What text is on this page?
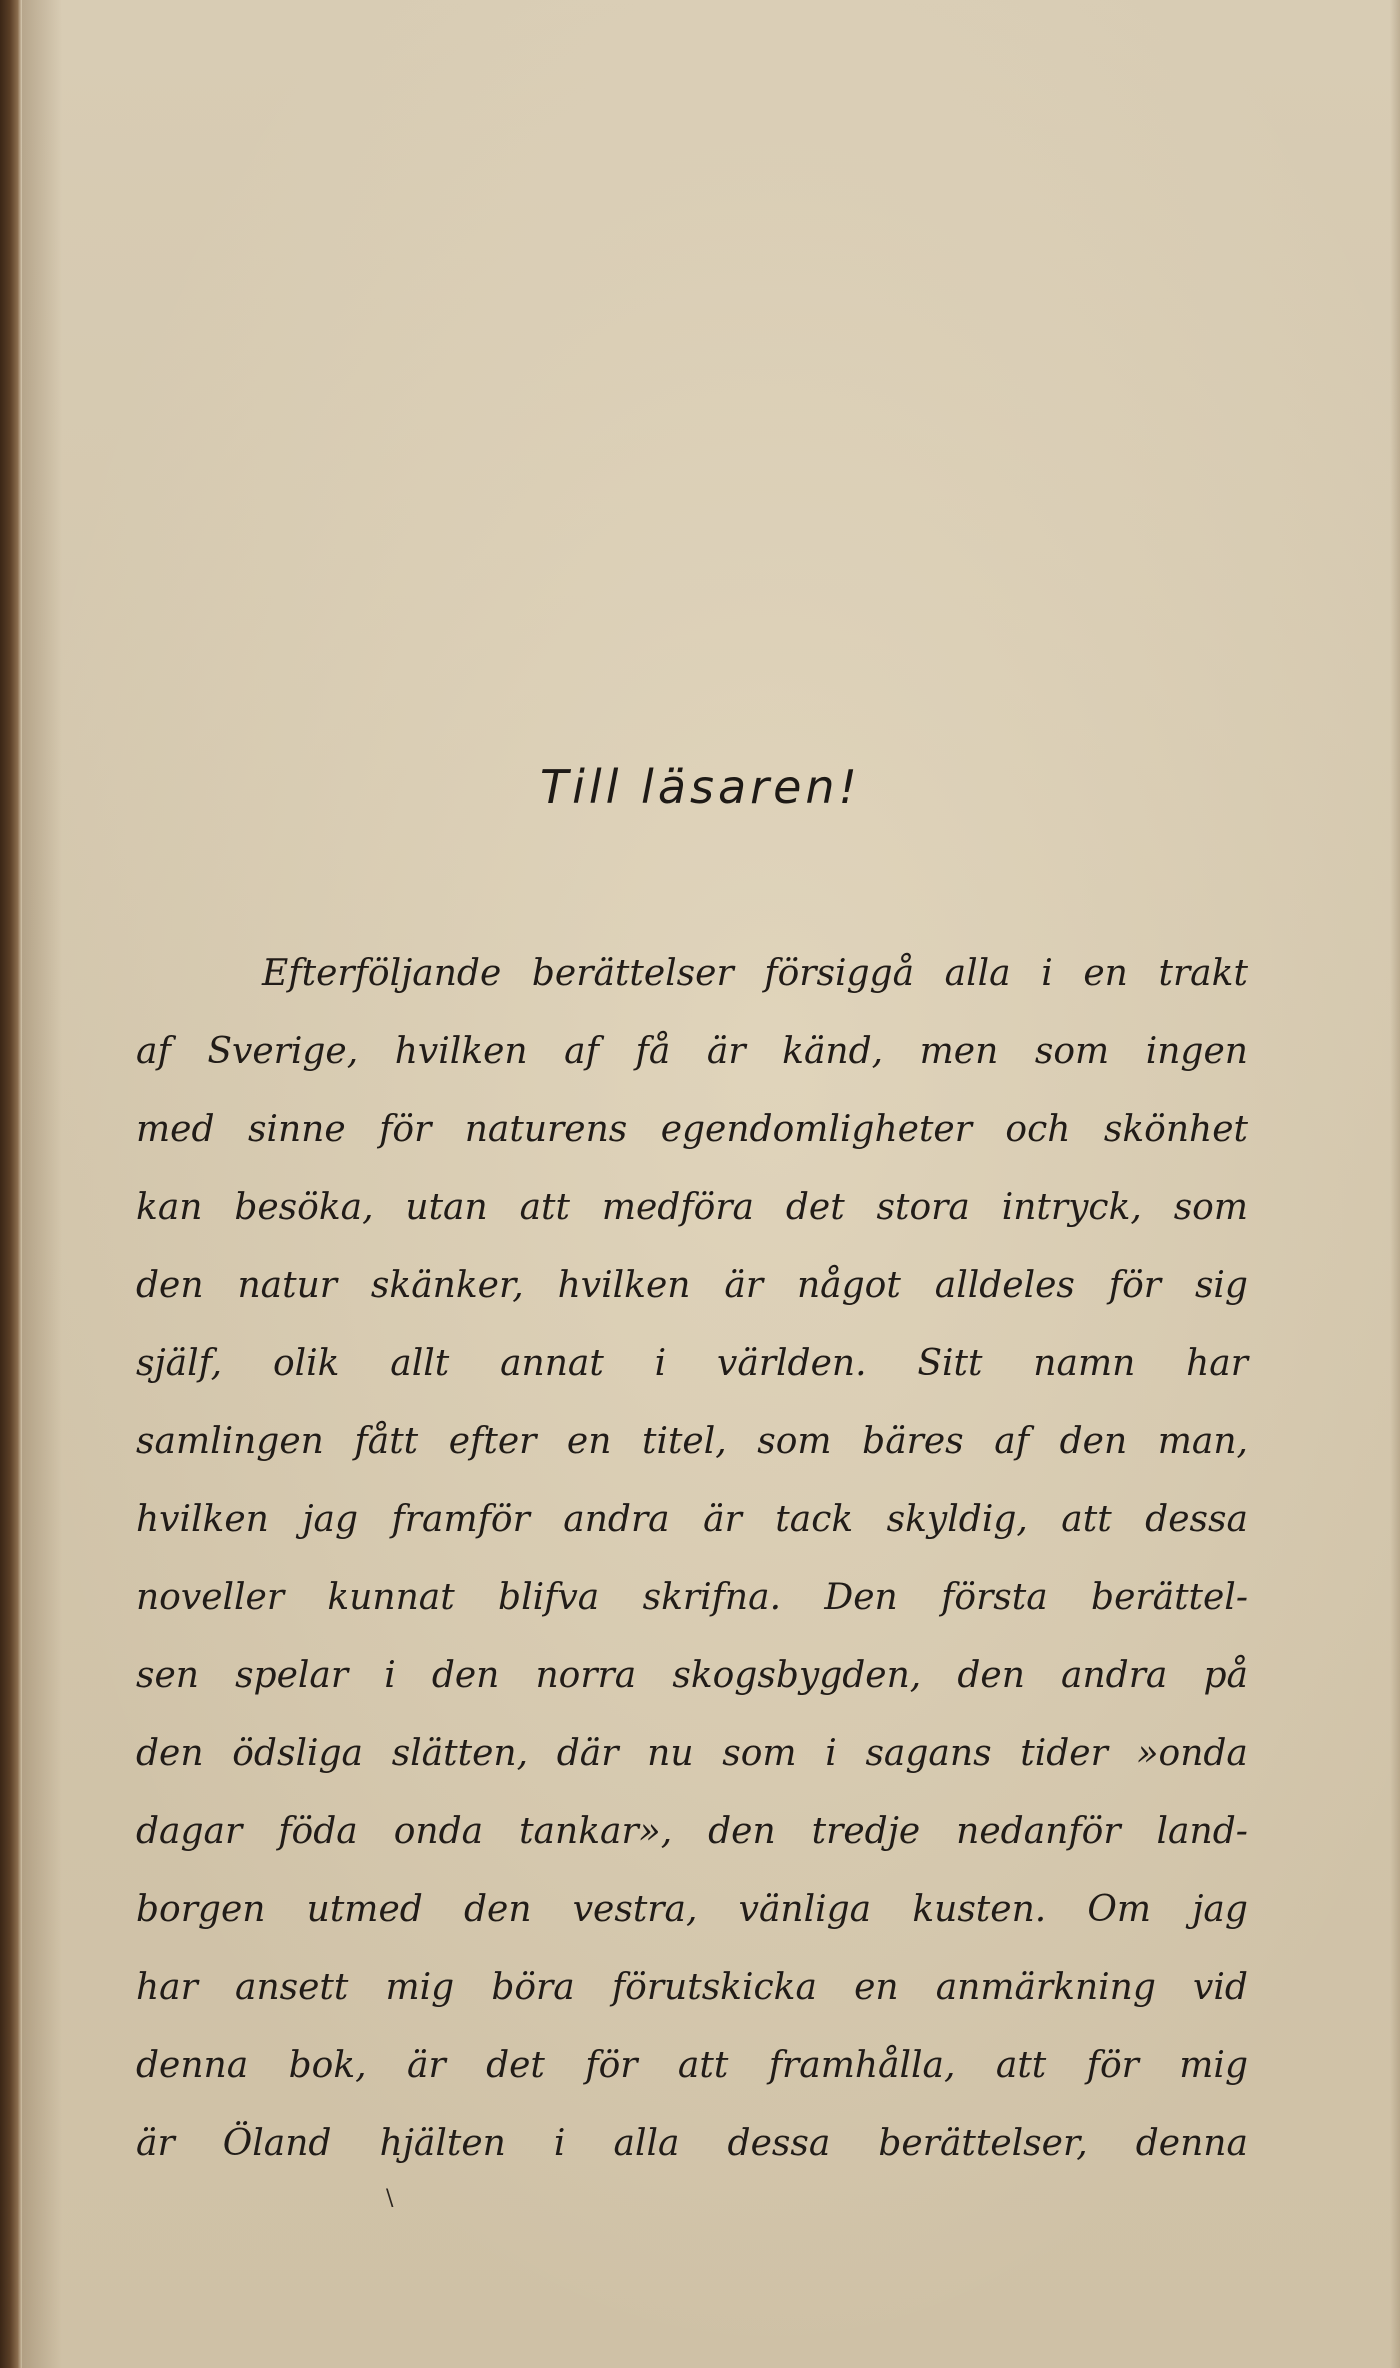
Till läsaren!
Efterföljande berättelser försiggå alla i en trakt
af Sverige, hvilken af få är känd, men som ingen
med sinne för naturens egendomligheter och skönhet
kan besöka, utan att medföra det stora intryck, som
den natur skänker, hvilken är något alldeles för sig
själf, olik allt annat i världen. Sitt namn har
samlingen fått efter en titel, som bäres af den man,
hvilken jag framför andra är tack skyldig, att dessa
noveller kunnat blifva skrifna. Den första berättel-
sen spelar i den norra skogsbygden, den andra på
den ödsliga slätten, där nu som i sagans tider »onda
dagar föda onda tankar», den tredje nedanför land-
borgen utmed den vestra, vänliga kusten. Om jag
har ansett mig böra förutskicka en anmärkning vid
denna bok, är det för att framhålla, att för mig
är Öland hjälten i alla dessa berättelser, denna
\
